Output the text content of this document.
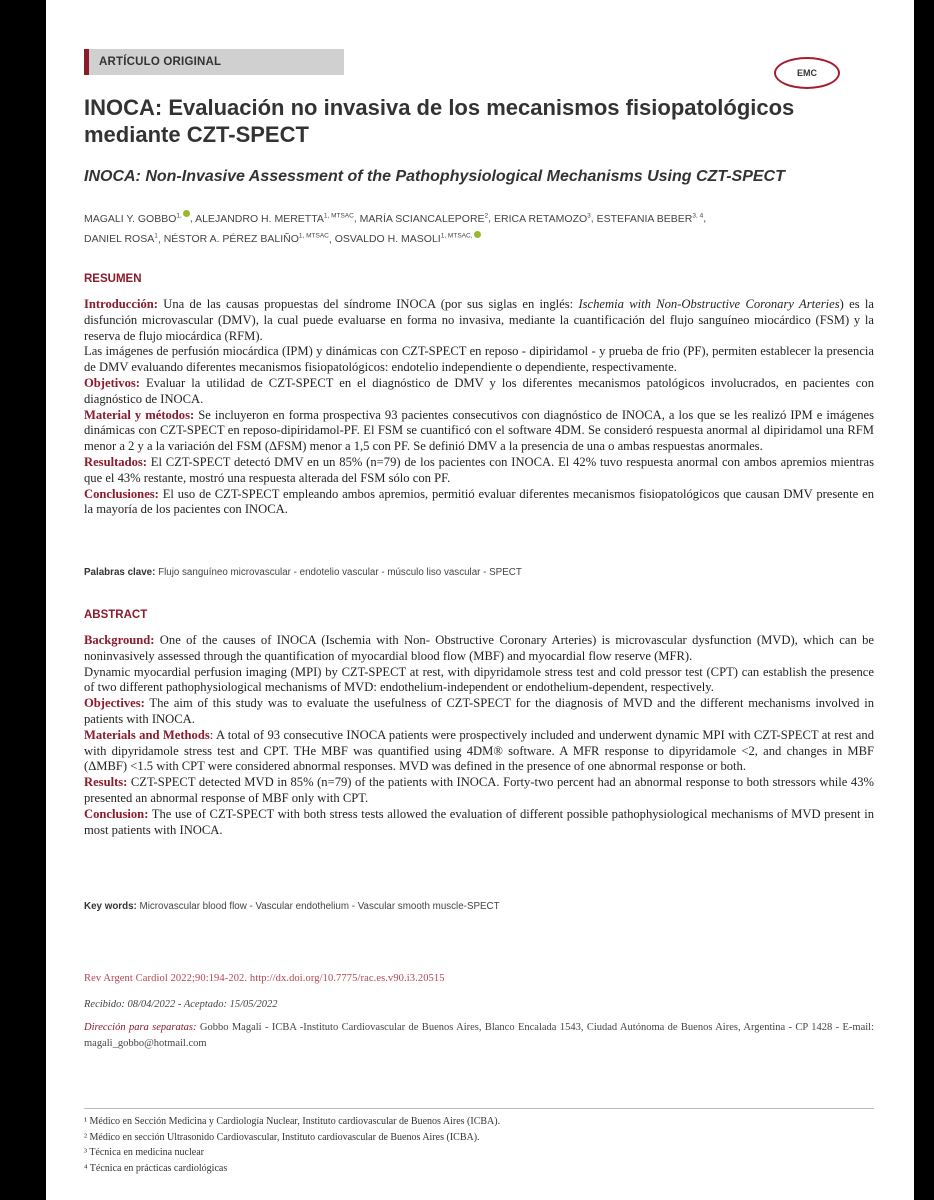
ARTÍCULO ORIGINAL
EMC
INOCA: Evaluación no invasiva de los mecanismos fisiopatológicos mediante CZT-SPECT
INOCA: Non-Invasive Assessment of the Pathophysiological Mechanisms Using CZT-SPECT

MAGALI Y. $GOBBO^{1,}$ , ALEJANDRO H. $MERETTA^{1, MTSAC}$, MARÍA SCIANCALEPORE$^2$, ERICA RETAMOZO$^3$, ESTEFANIA BEBER$^{3, 4}$,
DANIEL ROSA$^1$, NÉSTOR A. PÉREZ $BALIÑO^{1, MTSAC}$, OSVALDO H. $MASOLI^{1, MTSAC,}$

RESUMEN

Introducción: Una de las causas propuestas del síndrome INOCA (por sus siglas en inglés: Ischemia with Non-Obstructive Coronary Arteries) es la disfunción microvascular (DMV), la cual puede evaluarse en forma no invasiva, mediante la cuantificación del flujo sanguíneo miocárdico (FSM) y la reserva de flujo miocárdica (RFM).

Las imágenes de perfusión miocárdica (IPM) y dinámicas con CZT-SPECT en reposo - dipiridamol - y prueba de frio (PF), permiten establecer la presencia de DMV evaluando diferentes mecanismos fisiopatológicos: endotelio independiente o dependiente, respectivamente.

Objetivos: Evaluar la utilidad de CZT-SPECT en el diagnóstico de DMV y los diferentes mecanismos patológicos involucrados, en pacientes con diagnóstico de INOCA.

Material y métodos: Se incluyeron en forma prospectiva 93 pacientes consecutivos con diagnóstico de INOCA, a los que se les realizó IPM e imágenes dinámicas con CZT-SPECT en reposo-dipiridamol-PF. El FSM se cuantificó con el software 4DM. Se consideró respuesta anormal al dipiridamol una RFM menor a 2 y a la variación del FSM (ΔFSM) menor a 1,5 con PF. Se definió DMV a la presencia de una o ambas respuestas anormales.

Resultados: El CZT-SPECT detectó DMV en un 85% (n=79) de los pacientes con INOCA. El 42% tuvo respuesta anormal con ambos apremios mientras que el 43% restante, mostró una respuesta alterada del FSM sólo con PF.

Conclusiones: El uso de CZT-SPECT empleando ambos apremios, permitió evaluar diferentes mecanismos fisiopatológicos que causan DMV presente en la mayoría de los pacientes con INOCA.

Palabras clave: Flujo sanguíneo microvascular - endotelio vascular - músculo liso vascular - SPECT
ABSTRACT

Background: One of the causes of INOCA (Ischemia with Non- Obstructive Coronary Arteries) is microvascular dysfunction (MVD), which can be noninvasively assessed through the quantification of myocardial blood flow (MBF) and myocardial flow reserve (MFR).

Dynamic myocardial perfusion imaging (MPI) by CZT-SPECT at rest, with dipyridamole stress test and cold pressor test (CPT) can establish the presence of two different pathophysiological mechanisms of MVD: endothelium-independent or endothelium-dependent, respectively.

Objectives: The aim of this study was to evaluate the usefulness of CZT-SPECT for the diagnosis of MVD and the different mechanisms involved in patients with INOCA.

Materials and Methods: A total of 93 consecutive INOCA patients were prospectively included and underwent dynamic MPI with CZT-SPECT at rest and with dipyridamole stress test and CPT. THe MBF was quantified using 4DM® software. A MFR response to dipyridamole <2, and changes in MBF (ΔMBF) <1.5 with CPT were considered abnormal responses. MVD was defined in the presence of one abnormal response or both.

Results: CZT-SPECT detected MVD in 85% (n=79) of the patients with INOCA. Forty-two percent had an abnormal response to both stressors while 43% presented an abnormal response of MBF only with CPT.

Conclusion: The use of CZT-SPECT with both stress tests allowed the evaluation of different possible pathophysiological mechanisms of MVD present in most patients with INOCA.

Key words: Microvascular blood flow - Vascular endothelium - Vascular smooth muscle-SPECT
Rev Argent Cardiol 2022;90:194-202. http://dx.doi.org/10.7775/rac.es.v90.i3.20515
Recibido: 08/04/2022 - Aceptado: 15/05/2022
Dirección para separatas: Gobbo Magali - ICBA -Instituto Cardiovascular de Buenos Aires, Blanco Encalada 1543, Ciudad Autónoma de Buenos Aires, Argentina - CP 1428 - E-mail: magali_gobbo@hotmail.com
¹ Médico en Sección Medicina y Cardiología Nuclear, Instituto cardiovascular de Buenos Aires (ICBA).
² Médico en sección Ultrasonido Cardiovascular, Instituto cardiovascular de Buenos Aires (ICBA).
³ Técnica en medicina nuclear
⁴ Técnica en prácticas cardiológicas
